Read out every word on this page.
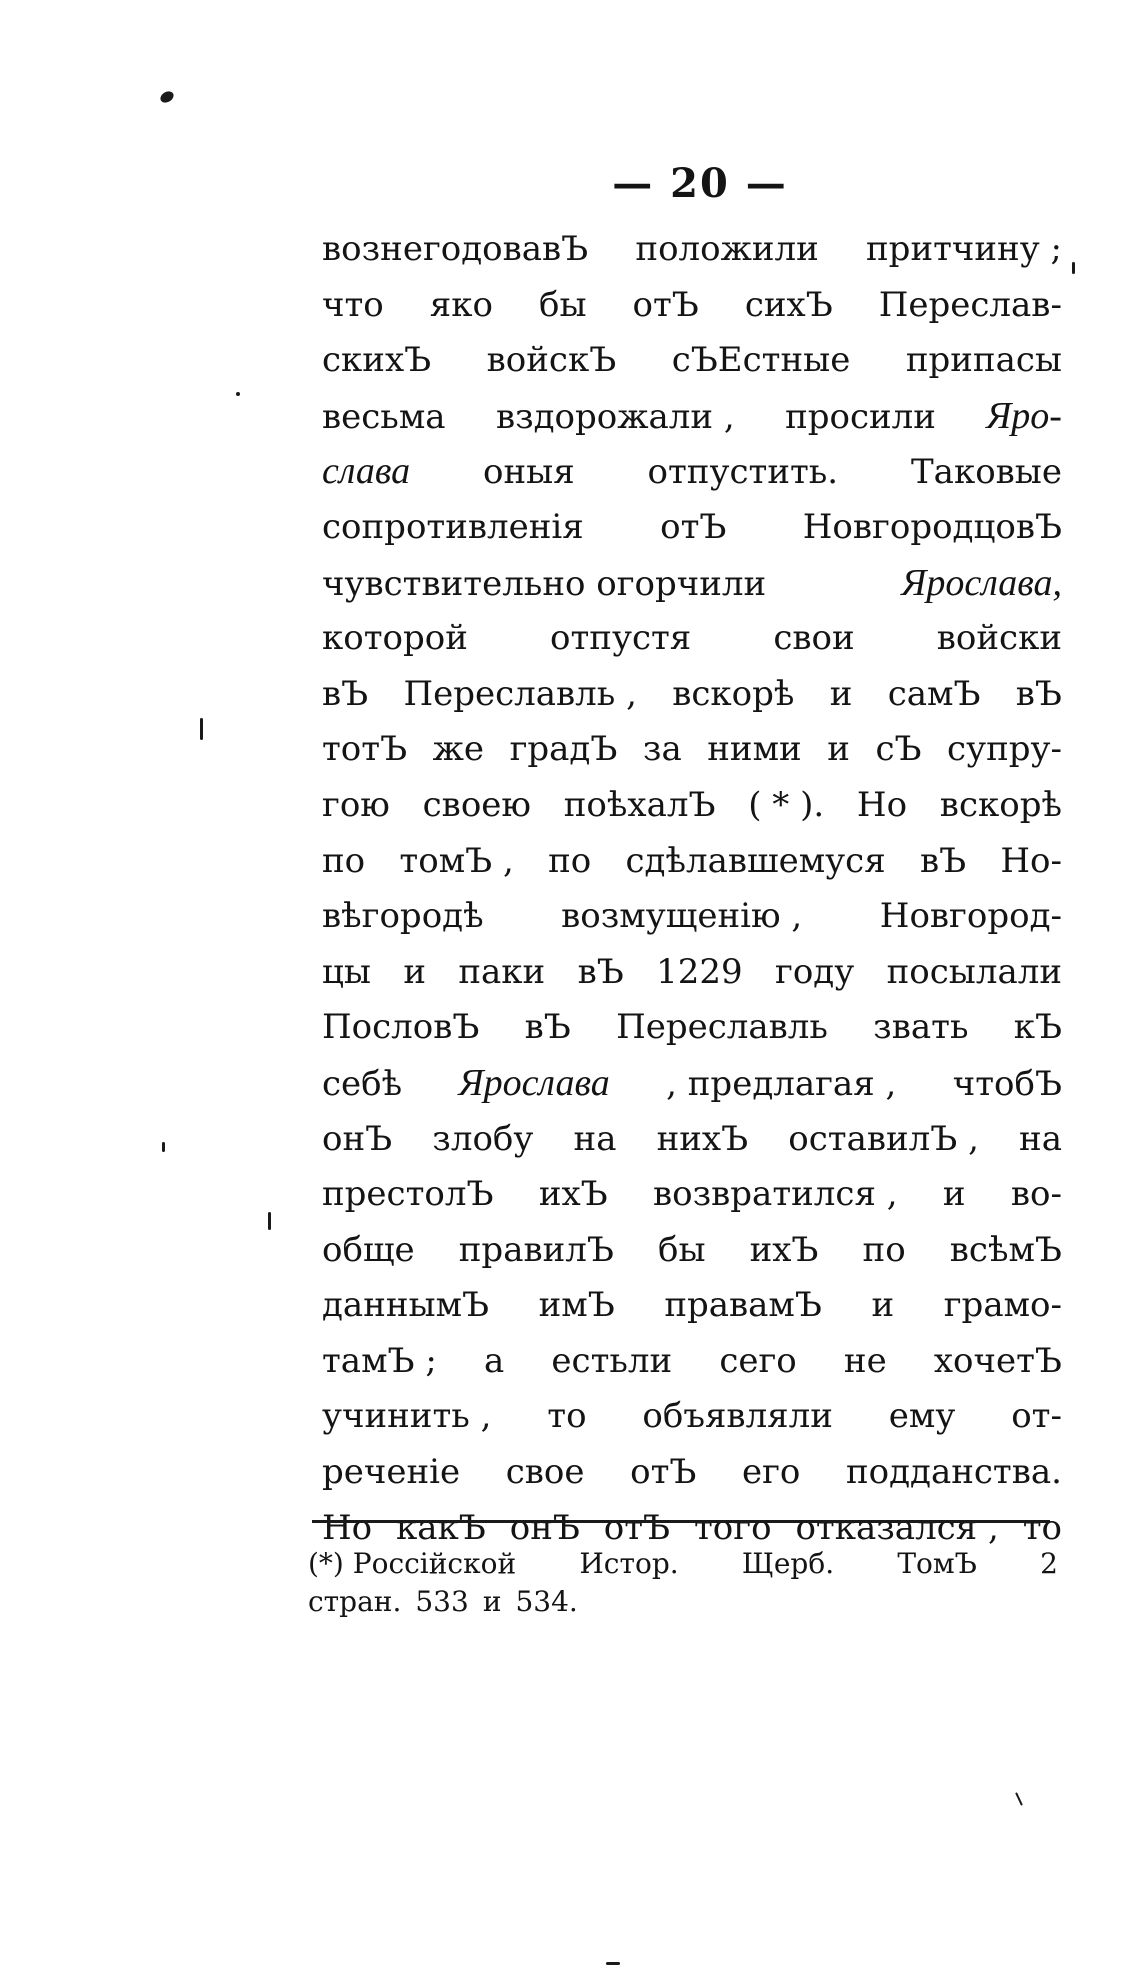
— 20 —
вознегодовавЪ положили притчину ;
что яко бы отЪ сихЪ Перeслав-
скихЪ войскЪ сЪЕстные припасы
весьма вздорожали , просили Яро-
слава оныя отпустить. Таковые
сопротивленія отЪ НовгородцовЪ
чувствительно огорчили	Ярослава,
которой отпустя свои войски
вЪ Переславль , вскорѣ и самЪ вЪ
тотЪ же градЪ за ними и сЪ супру-
гою своею поѣхалЪ ( * ). Но вскорѣ
по томЪ , по сдѣлавшемуся вЪ Но-
вѣгородѣ возмущенію , Новгород-
цы и паки вЪ 1229 году посылали
ПословЪ вЪ Переславль звать кЪ
себѣ Ярослава , предлагая , чтобЪ
онЪ злобу на нихЪ оставилЪ , на
престолЪ ихЪ возвратился , и во-
обще правилЪ бы ихЪ по всѣмЪ
даннымЪ имЪ правамЪ и грамо-
тамЪ ; а естьли сего не хочетЪ
учинить , то объявляли ему от-
реченіе свое отЪ его подданства.
Но какЪ онЪ отЪ того отказался , то
(*) Россійской Истор. Щерб. ТомЪ 2
стран. 533 и 534.
